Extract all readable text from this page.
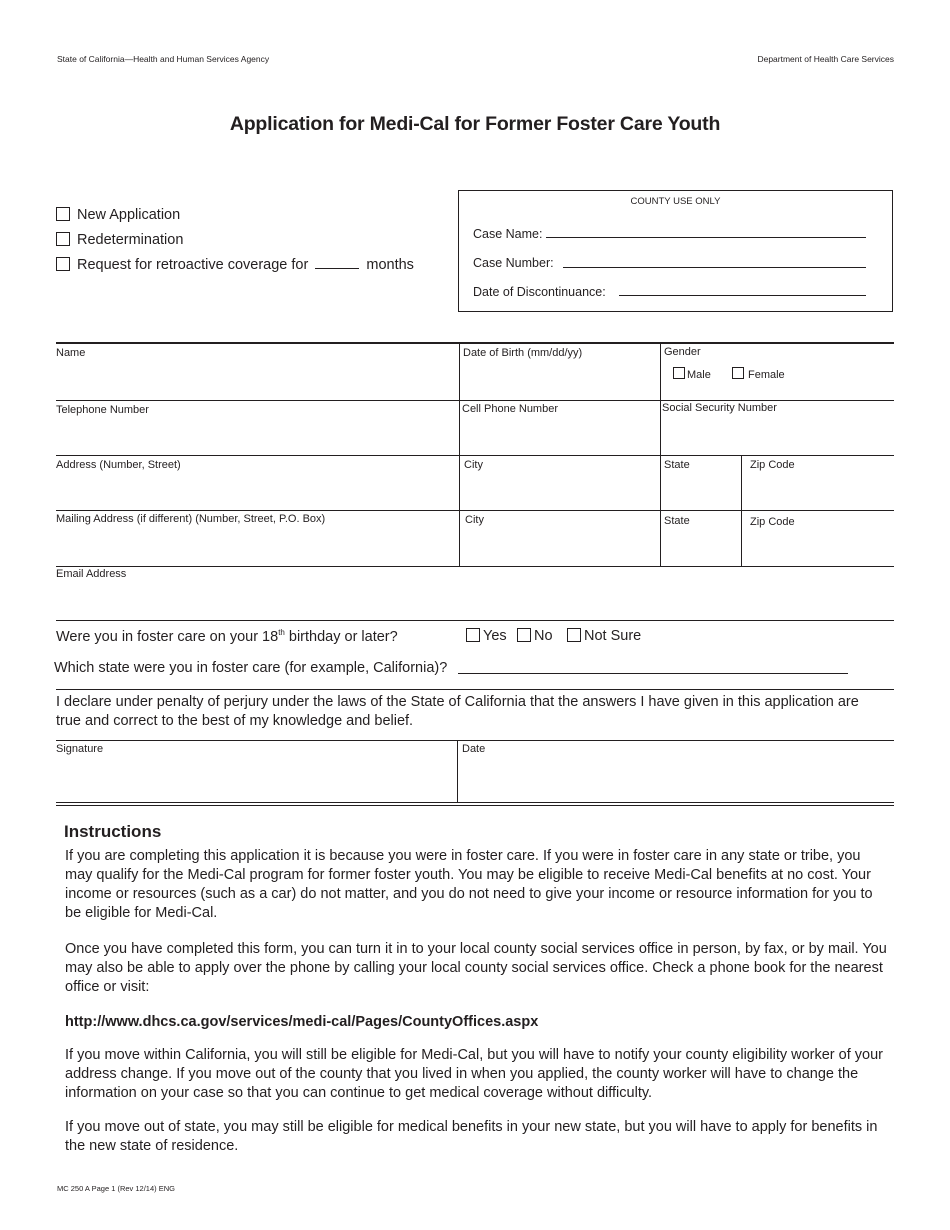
State of California—Health and Human Services Agency	Department of Health Care Services
Application for Medi-Cal for Former Foster Care Youth
New Application
Redetermination
Request for retroactive coverage for	months
COUNTY USE ONLY
Case Name:
Case Number:
Date of Discontinuance:
Name	Date of Birth (mm/dd/yy)	Gender
Male	Female
Telephone Number	Cell Phone Number	Social Security Number
Address (Number, Street)	City	State	Zip Code
Mailing Address (if different) (Number, Street, P.O. Box)	City	State	Zip Code
Email Address
Were you in foster care on your 18th birthday or later?	Yes	No	Not Sure
Which state were you in foster care (for example, California)?
I declare under penalty of perjury under the laws of the State of California that the answers I have given in this application are true and correct to the best of my knowledge and belief.
Signature	Date
Instructions
If you are completing this application it is because you were in foster care. If you were in foster care in any state or tribe, you may qualify for the Medi-Cal program for former foster youth. You may be eligible to receive Medi-Cal benefits at no cost. Your income or resources (such as a car) do not matter, and you do not need to give your income or resource information for you to be eligible for Medi-Cal.
Once you have completed this form, you can turn it in to your local county social services office in person, by fax, or by mail. You may also be able to apply over the phone by calling your local county social services office. Check a phone book for the nearest office or visit:
http://www.dhcs.ca.gov/services/medi-cal/Pages/CountyOffices.aspx
If you move within California, you will still be eligible for Medi-Cal, but you will have to notify your county eligibility worker of your address change. If you move out of the county that you lived in when you applied, the county worker will have to change the information on your case so that you can continue to get medical coverage without difficulty.
If you move out of state, you may still be eligible for medical benefits in your new state, but you will have to apply for benefits in the new state of residence.
MC 250 A Page 1 (Rev 12/14) ENG
